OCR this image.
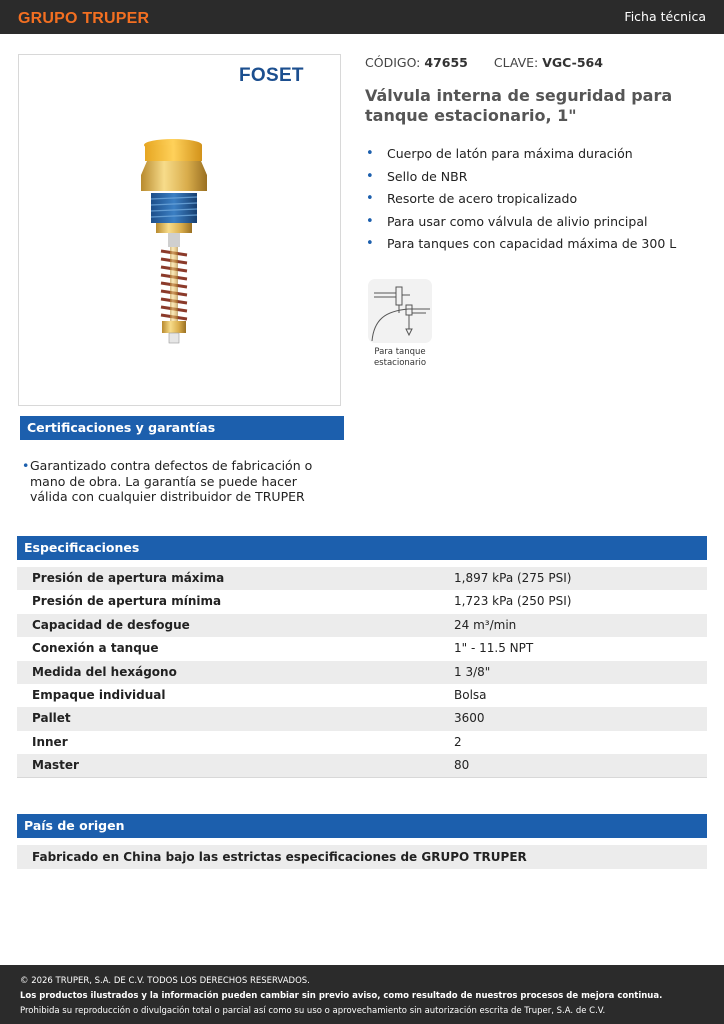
GRUPO TRUPER	Ficha técnica
FOSET
CÓDIGO: 47655 CLAVE: VGC-564
Válvula interna de seguridad para tanque estacionario, 1"
• Cuerpo de latón para máxima duración
• Sello de NBR
• Resorte de acero tropicalizado
• Para usar como válvula de alivio principal
• Para tanques con capacidad máxima de 300 L
Para tanque estacionario
Certificaciones y garantías
• Garantizado contra defectos de fabricación o mano de obra. La garantía se puede hacer válida con cualquier distribuidor de TRUPER
Especificaciones
Presión de apertura máxima	1,897 kPa (275 PSI)
Presión de apertura mínima	1,723 kPa (250 PSI)
Capacidad de desfogue	24 m³/min
Conexión a tanque	1" - 11.5 NPT
Medida del hexágono	1 3/8"
Empaque individual	Bolsa
Pallet	3600
Inner	2
Master	80
País de origen
Fabricado en China bajo las estrictas especificaciones de GRUPO TRUPER
© 2026 TRUPER, S.A. DE C.V. TODOS LOS DERECHOS RESERVADOS.
Los productos ilustrados y la información pueden cambiar sin previo aviso, como resultado de nuestros procesos de mejora continua.
Prohibida su reproducción o divulgación total o parcial así como su uso o aprovechamiento sin autorización escrita de Truper, S.A. de C.V.
